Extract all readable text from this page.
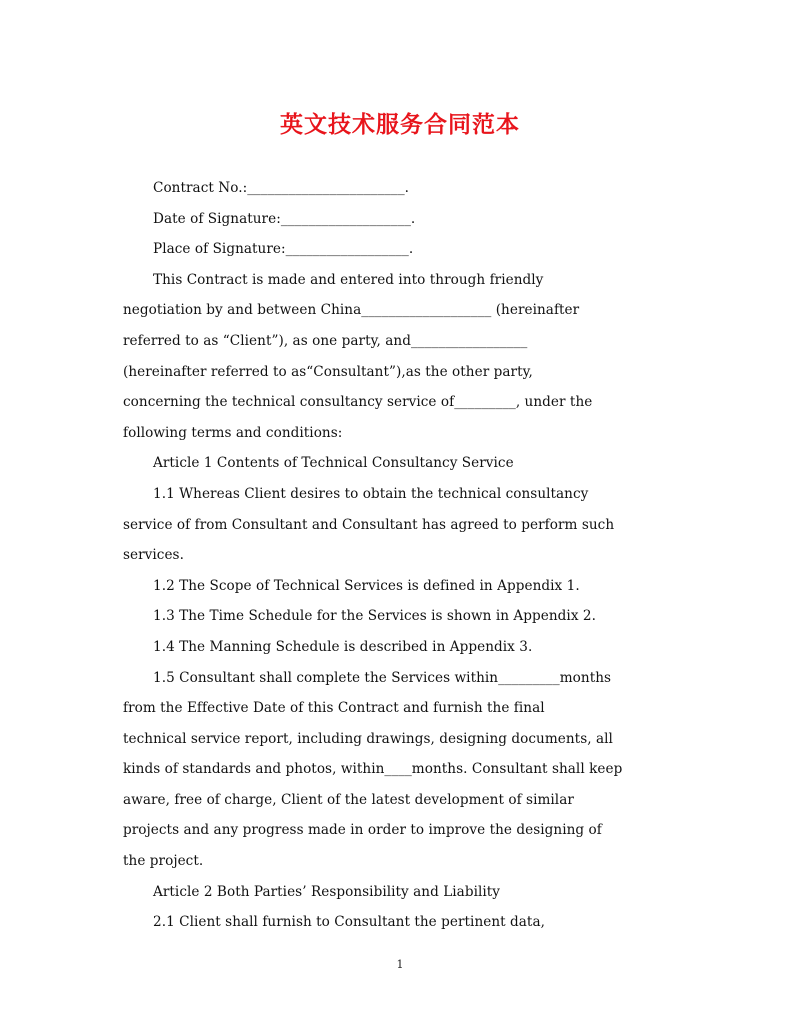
英文技术服务合同范本
Contract No.:_______________________.
Date of Signature:___________________.
Place of Signature:__________________.
This Contract is made and entered into through friendly
negotiation by and between China___________________ (hereinafter
referred to as “Client”), as one party, and_________________
(hereinafter referred to as“Consultant”),as the other party,
concerning the technical consultancy service of_________, under the
following terms and conditions:
Article 1 Contents of Technical Consultancy Service
1.1 Whereas Client desires to obtain the technical consultancy
service of from Consultant and Consultant has agreed to perform such
services.
1.2 The Scope of Technical Services is defined in Appendix 1.
1.3 The Time Schedule for the Services is shown in Appendix 2.
1.4 The Manning Schedule is described in Appendix 3.
1.5 Consultant shall complete the Services within_________months
from the Effective Date of this Contract and furnish the final
technical service report, including drawings, designing documents, all
kinds of standards and photos, within____months. Consultant shall keep
aware, free of charge, Client of the latest development of similar
projects and any progress made in order to improve the designing of
the project.
Article 2 Both Parties’ Responsibility and Liability
2.1 Client shall furnish to Consultant the pertinent data,
1
